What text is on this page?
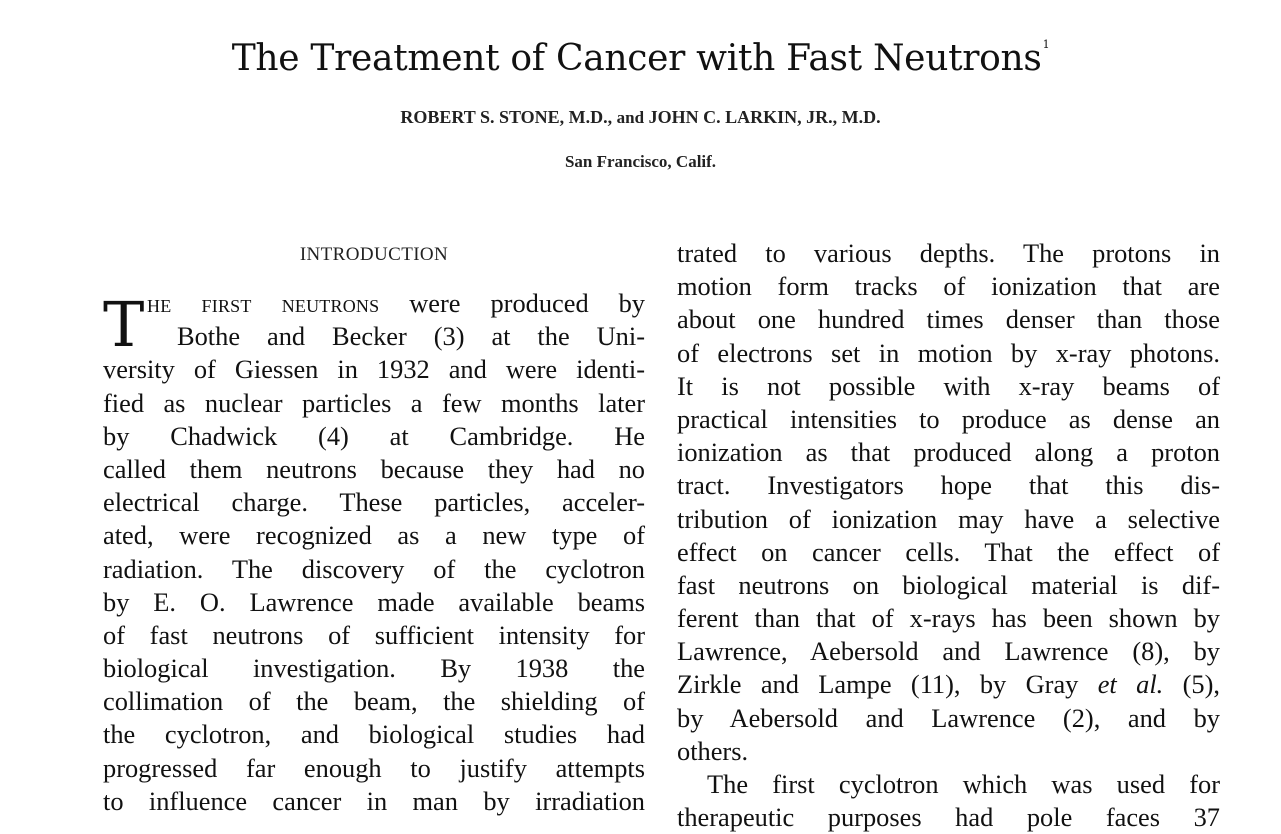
The Treatment of Cancer with Fast Neutrons$^1$
ROBERT S. STONE, M.D., and JOHN C. LARKIN, JR., M.D.
San Francisco, Calif.
INTRODUCTION
T he first neutrons were produced by
Bothe and Becker (3) at the Uni-
versity of Giessen in 1932 and were identi-
fied as nuclear particles a few months later
by Chadwick (4) at Cambridge. He
called them neutrons because they had no
electrical charge. These particles, acceler-
ated, were recognized as a new type of
radiation. The discovery of the cyclotron
by E. O. Lawrence made available beams
of fast neutrons of sufficient intensity for
biological investigation. By 1938 the
collimation of the beam, the shielding of
the cyclotron, and biological studies had
progressed far enough to justify attempts
to influence cancer in man by irradiation
trated to various depths. The protons in
motion form tracks of ionization that are
about one hundred times denser than those
of electrons set in motion by x-ray photons.
It is not possible with x-ray beams of
practical intensities to produce as dense an
ionization as that produced along a proton
tract. Investigators hope that this dis-
tribution of ionization may have a selective
effect on cancer cells. That the effect of
fast neutrons on biological material is dif-
ferent than that of x-rays has been shown by
Lawrence, Aebersold and Lawrence (8), by
Zirkle and Lampe (11), by Gray et al. (5),
by Aebersold and Lawrence (2), and by
others.
The first cyclotron which was used for
therapeutic purposes had pole faces 37
